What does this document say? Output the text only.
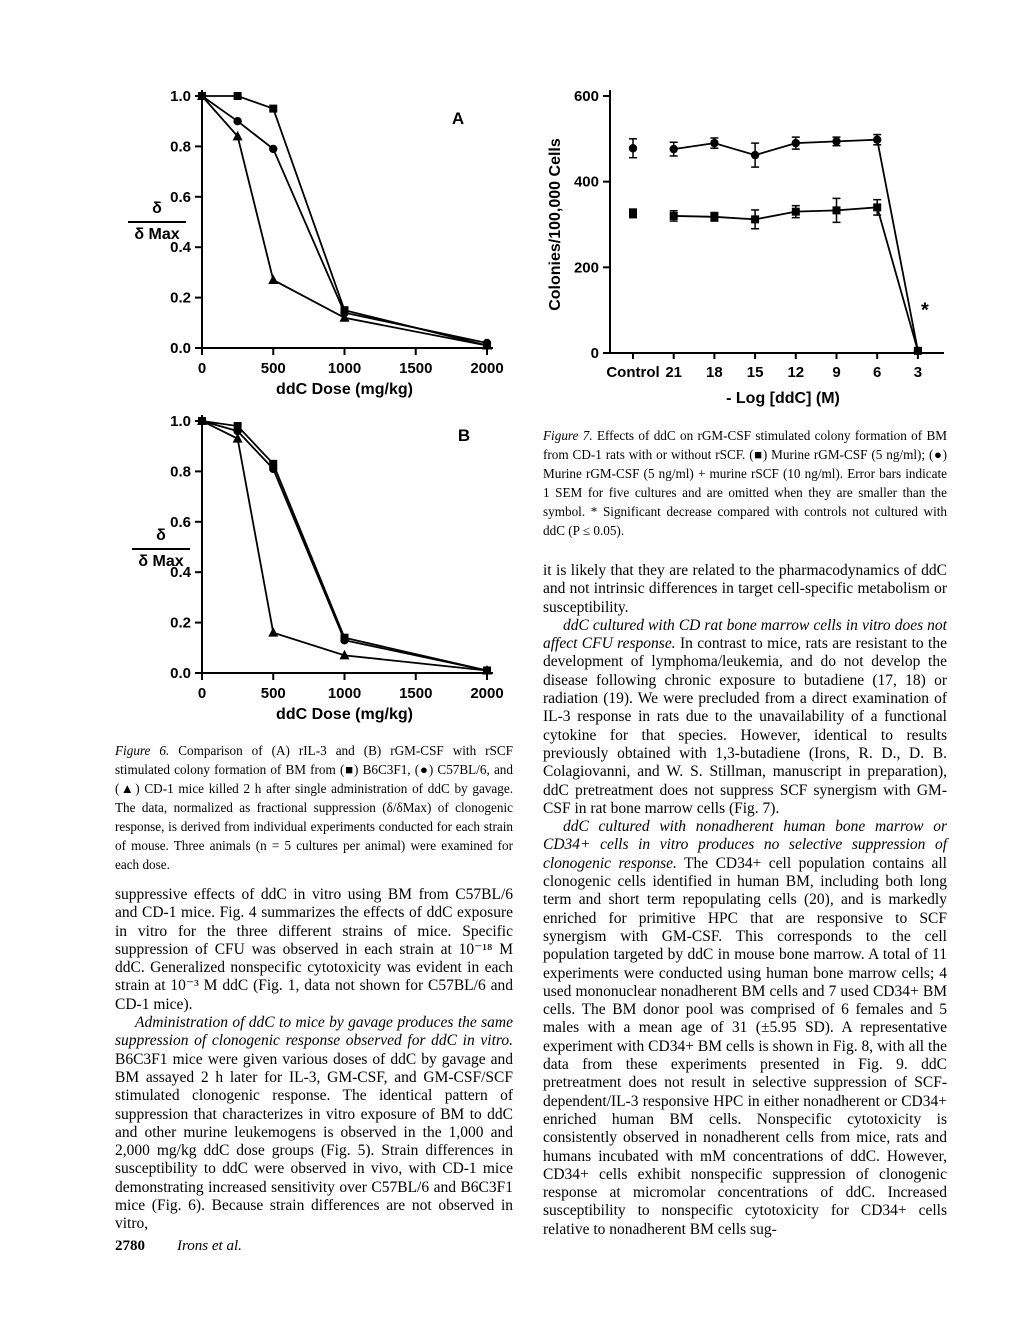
0.0
0.2
0.4
0.6
0.8
1.0
0	500	1000	1500	2000
A
ddC Dose (mg/kg)
δ
δ Max
0
200
400
600
Control 21 18 15 12 9 6 3
- Log [ddC] (M)
Colonies/100,000 Cells	*
0.0
0.2
0.4
0.6
0.8
1.0
0	500	1000	1500	2000
B
ddC Dose (mg/kg)
δ
δ Max
Figure 7. Effects of ddC on rGM-CSF stimulated colony formation of BM from CD-1 rats with or without rSCF. (■) Murine rGM-CSF (5 ng/ml); (●) Murine rGM-CSF (5 ng/ml) + murine rSCF (10 ng/ml). Error bars indicate 1 SEM for five cultures and are omitted when they are smaller than the symbol. * Significant decrease compared with controls not cultured with ddC (P ≤ 0.05).

it is likely that they are related to the pharmacodynamics of ddC and not intrinsic differences in target cell-specific metabolism or susceptibility.

ddC cultured with CD rat bone marrow cells in vitro does not affect CFU response. In contrast to mice, rats are resistant to the development of lymphoma/leukemia, and do not develop the disease following chronic exposure to butadiene (17, 18) or radiation (19). We were precluded from a direct examination of IL-3 response in rats due to the unavailability of a functional cytokine for that species. However, identical to results previously obtained with 1,3-butadiene (Irons, R. D., D. B. Colagiovanni, and W. S. Stillman, manuscript in preparation), ddC pretreatment does not suppress SCF synergism with GM-CSF in rat bone marrow cells (Fig. 7).

ddC cultured with nonadherent human bone marrow or CD34+ cells in vitro produces no selective suppression of clonogenic response. The CD34+ cell population contains all clonogenic cells identified in human BM, including both long term and short term repopulating cells (20), and is markedly enriched for primitive HPC that are responsive to SCF synergism with GM-CSF. This corresponds to the cell population targeted by ddC in mouse bone marrow. A total of 11 experiments were conducted using human bone marrow cells; 4 used mononuclear nonadherent BM cells and 7 used CD34+ BM cells. The BM donor pool was comprised of 6 females and 5 males with a mean age of 31 (±5.95 SD). A representative experiment with CD34+ BM cells is shown in Fig. 8, with all the data from these experiments presented in Fig. 9. ddC pretreatment does not result in selective suppression of SCF-dependent/IL-3 responsive HPC in either nonadherent or CD34+ enriched human BM cells. Nonspecific cytotoxicity is consistently observed in nonadherent cells from mice, rats and humans incubated with mM concentrations of ddC. However, CD34+ cells exhibit nonspecific suppression of clonogenic response at micromolar concentrations of ddC. Increased susceptibility to nonspecific cytotoxicity for CD34+ cells relative to nonadherent BM cells sug-

Figure 6. Comparison of (A) rIL-3 and (B) rGM-CSF with rSCF stimulated colony formation of BM from (■) B6C3F1, (●) C57BL/6, and (▲) CD-1 mice killed 2 h after single administration of ddC by gavage. The data, normalized as fractional suppression (δ/δMax) of clonogenic response, is derived from individual experiments conducted for each strain of mouse. Three animals (n = 5 cultures per animal) were examined for each dose.

suppressive effects of ddC in vitro using BM from C57BL/6 and CD-1 mice. Fig. 4 summarizes the effects of ddC exposure in vitro for the three different strains of mice. Specific suppression of CFU was observed in each strain at 10⁻¹⁸ M ddC. Generalized nonspecific cytotoxicity was evident in each strain at 10⁻³ M ddC (Fig. 1, data not shown for C57BL/6 and CD-1 mice).

Administration of ddC to mice by gavage produces the same suppression of clonogenic response observed for ddC in vitro. B6C3F1 mice were given various doses of ddC by gavage and BM assayed 2 h later for IL-3, GM-CSF, and GM-CSF/SCF stimulated clonogenic response. The identical pattern of suppression that characterizes in vitro exposure of BM to ddC and other murine leukemogens is observed in the 1,000 and 2,000 mg/kg ddC dose groups (Fig. 5). Strain differences in susceptibility to ddC were observed in vivo, with CD-1 mice demonstrating increased sensitivity over C57BL/6 and B6C3F1 mice (Fig. 6). Because strain differences are not observed in vitro,

2780 Irons et al.
